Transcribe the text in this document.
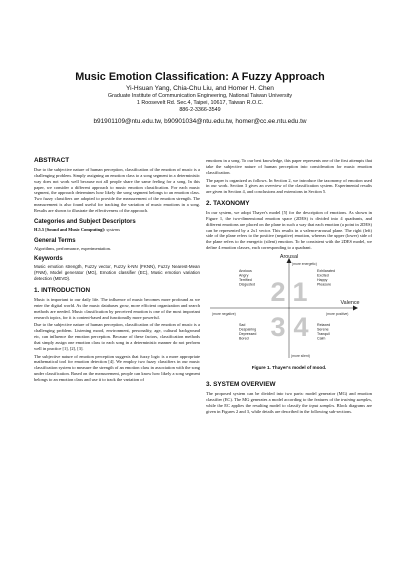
Music Emotion Classification: A Fuzzy Approach
Yi-Hsuan Yang, Chia-Chu Liu, and Homer H. Chen
Graduate Institute of Communication Engineering, National Taiwan University
1 Roosevelt Rd. Sec.4, Taipei, 10617, Taiwan R.O.C.
886-2-3366-3549
b91901109@ntu.edu.tw, b90901034@ntu.edu.tw, homer@cc.ee.ntu.edu.tw
ABSTRACT

Due to the subjective nature of human perception, classification of the emotion of music is a challenging problem. Simply assigning an emotion class to a song segment in a deterministic way does not work well because not all people share the same feeling for a song. In this paper, we consider a different approach to music emotion classification. For each music segment, the approach determines how likely the song segment belongs to an emotion class. Two fuzzy classifiers are adopted to provide the measurement of the emotion strength. The measurement is also found useful for tracking the variation of music emotions in a song. Results are shown to illustrate the effectiveness of the approach.

Categories and Subject Descriptors

H.5.5 [Sound and Music Computing]: systems

General Terms

Algorithms, performance, experimentation.

Keywords

Music emotion strength, Fuzzy vector, Fuzzy k-NN (FKNN), Fuzzy Nearest-Mean (FNM), Model generator (MG), Emotion classifier (EC), Music emotion variation detection (MEVD).

1. INTRODUCTION

Music is important to our daily life. The influence of music becomes more profound as we enter the digital world. As the music databases grow, more efficient organization and search methods are needed. Music classification by perceived emotion is one of the most important research topics, for it is content-based and functionally more powerful.

Due to the subjective nature of human perception, classification of the emotion of music is a challenging problem. Listening mood, environment, personality, age, cultural background etc, can influence the emotion perception. Because of these factors, classification methods that simply assign one emotion class to each song in a deterministic manner do not perform well in practice [1], [2], [3].

The subjective nature of emotion perception suggests that fuzzy logic is a more appropriate mathematical tool for emotion detection [4]. We employ two fuzzy classifiers in our music classification system to measure the strength of an emotion class in association with the song under classification. Based on the measurement, people can know how likely a song segment belongs to an emotion class and use it to track the variation of

emotions in a song. To our best knowledge, this paper represents one of the first attempts that take the subjective nature of human perception into consideration for music emotion classification.

The paper is organized as follows. In Section 2, we introduce the taxonomy of emotion used in our work. Section 3 gives an overview of the classification system. Experimental results are given in Section 4, and conclusions and extensions in Section 5.

2. TAXONOMY

In our system, we adopt Thayer's model [5] for the description of emotions. As shown in Figure 1, the two-dimensional emotion space (2DES) is divided into 4 quadrants, and different emotions are placed on the plane in such a way that each emotion (a point in 2DES) can be represented by a 2x1 vector. This results in a valence-arousal plane. The right (left) side of the plane refers to the positive (negative) emotion, whereas the upper (lower) side of the plane refers to the energetic (silent) emotion. To be consistent with the 2DES model, we define 4 emotion classes, each corresponding to a quadrant.

Arousal
(more energetic)
Valence
(more negative)	(more positive)
(more silent)
2 1
3 4
Anxious
Angry
Terrified
Disgusted
Exhilarated
Excited
Happy
Pleasure
Sad
Despairing
Depressed
Bored
Relaxed
Serene
Tranquil
Calm
Figure 1. Thayer's model of mood.
3. SYSTEM OVERVIEW

The proposed system can be divided into two parts: model generator (MG) and emotion classifier (EC). The MG generates a model according to the features of the training samples, while the EC applies the resulting model to classify the input samples. Block diagrams are given in Figures 2 and 3, while details are described in the following sub-sections.
